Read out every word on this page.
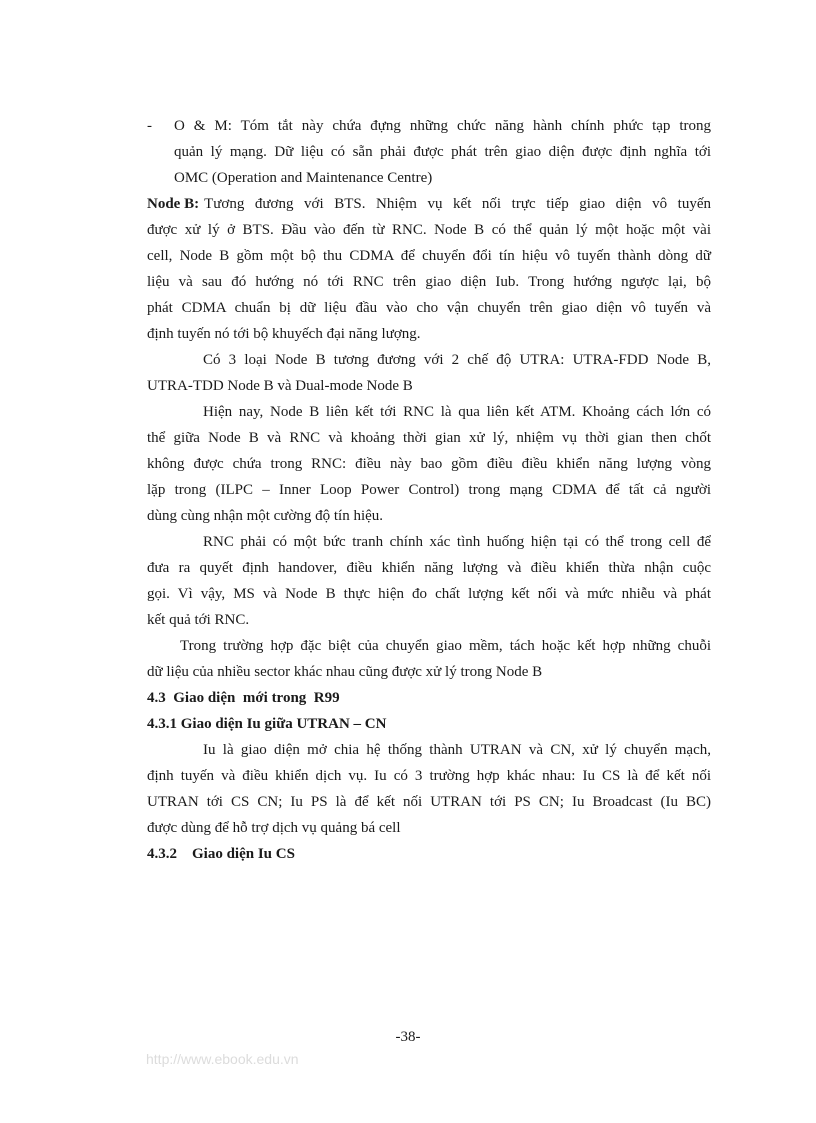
- O & M: Tóm tắt này chứa đựng những chức năng hành chính phức tạp trong

quản lý mạng. Dữ liệu có sẵn phải được phát trên giao diện được định nghĩa tới

OMC (Operation and Maintenance Centre)

Node B: Tương đương với BTS. Nhiệm vụ kết nối trực tiếp giao diện vô tuyến

được xử lý ở BTS. Đầu vào đến từ RNC. Node B có thể quản lý một hoặc một vài

cell, Node B gồm một bộ thu CDMA để chuyển đổi tín hiệu vô tuyến thành dòng dữ

liệu và sau đó hướng nó tới RNC trên giao diện Iub. Trong hướng ngược lại, bộ

phát CDMA chuẩn bị dữ liệu đầu vào cho vận chuyển trên giao diện vô tuyến và

định tuyến nó tới bộ khuyếch đại năng lượng.

Có 3 loại Node B tương đương với 2 chế độ UTRA: UTRA-FDD Node B,

UTRA-TDD Node B và Dual-mode Node B

Hiện nay, Node B liên kết tới RNC là qua liên kết ATM. Khoảng cách lớn có

thể giữa Node B và RNC và khoảng thời gian xử lý, nhiệm vụ thời gian then chốt

không được chứa trong RNC: điều này bao gồm điều điều khiển năng lượng vòng

lặp trong (ILPC – Inner Loop Power Control) trong mạng CDMA để tất cả người

dùng cùng nhận một cường độ tín hiệu.

RNC phải có một bức tranh chính xác tình huống hiện tại có thể trong cell để

đưa ra quyết định handover, điều khiển năng lượng và điều khiển thừa nhận cuộc

gọi. Vì vậy, MS và Node B thực hiện đo chất lượng kết nối và mức nhiễu và phát

kết quả tới RNC.

Trong trường hợp đặc biệt của chuyển giao mềm, tách hoặc kết hợp những chuỗi

dữ liệu của nhiều sector khác nhau cũng được xử lý trong Node B

4.3  Giao diện  mới trong  R99

4.3.1 Giao diện Iu giữa UTRAN – CN

Iu là giao diện mở chia hệ thống thành UTRAN và CN, xử lý chuyển mạch,

định tuyến và điều khiển dịch vụ. Iu có 3 trường hợp khác nhau: Iu CS là để kết nối

UTRAN tới CS CN; Iu PS là để kết nối UTRAN tới PS CN; Iu Broadcast (Iu BC)

được dùng để hỗ trợ dịch vụ quảng bá cell

4.3.2    Giao diện Iu CS

-38-
http://www.ebook.edu.vn
